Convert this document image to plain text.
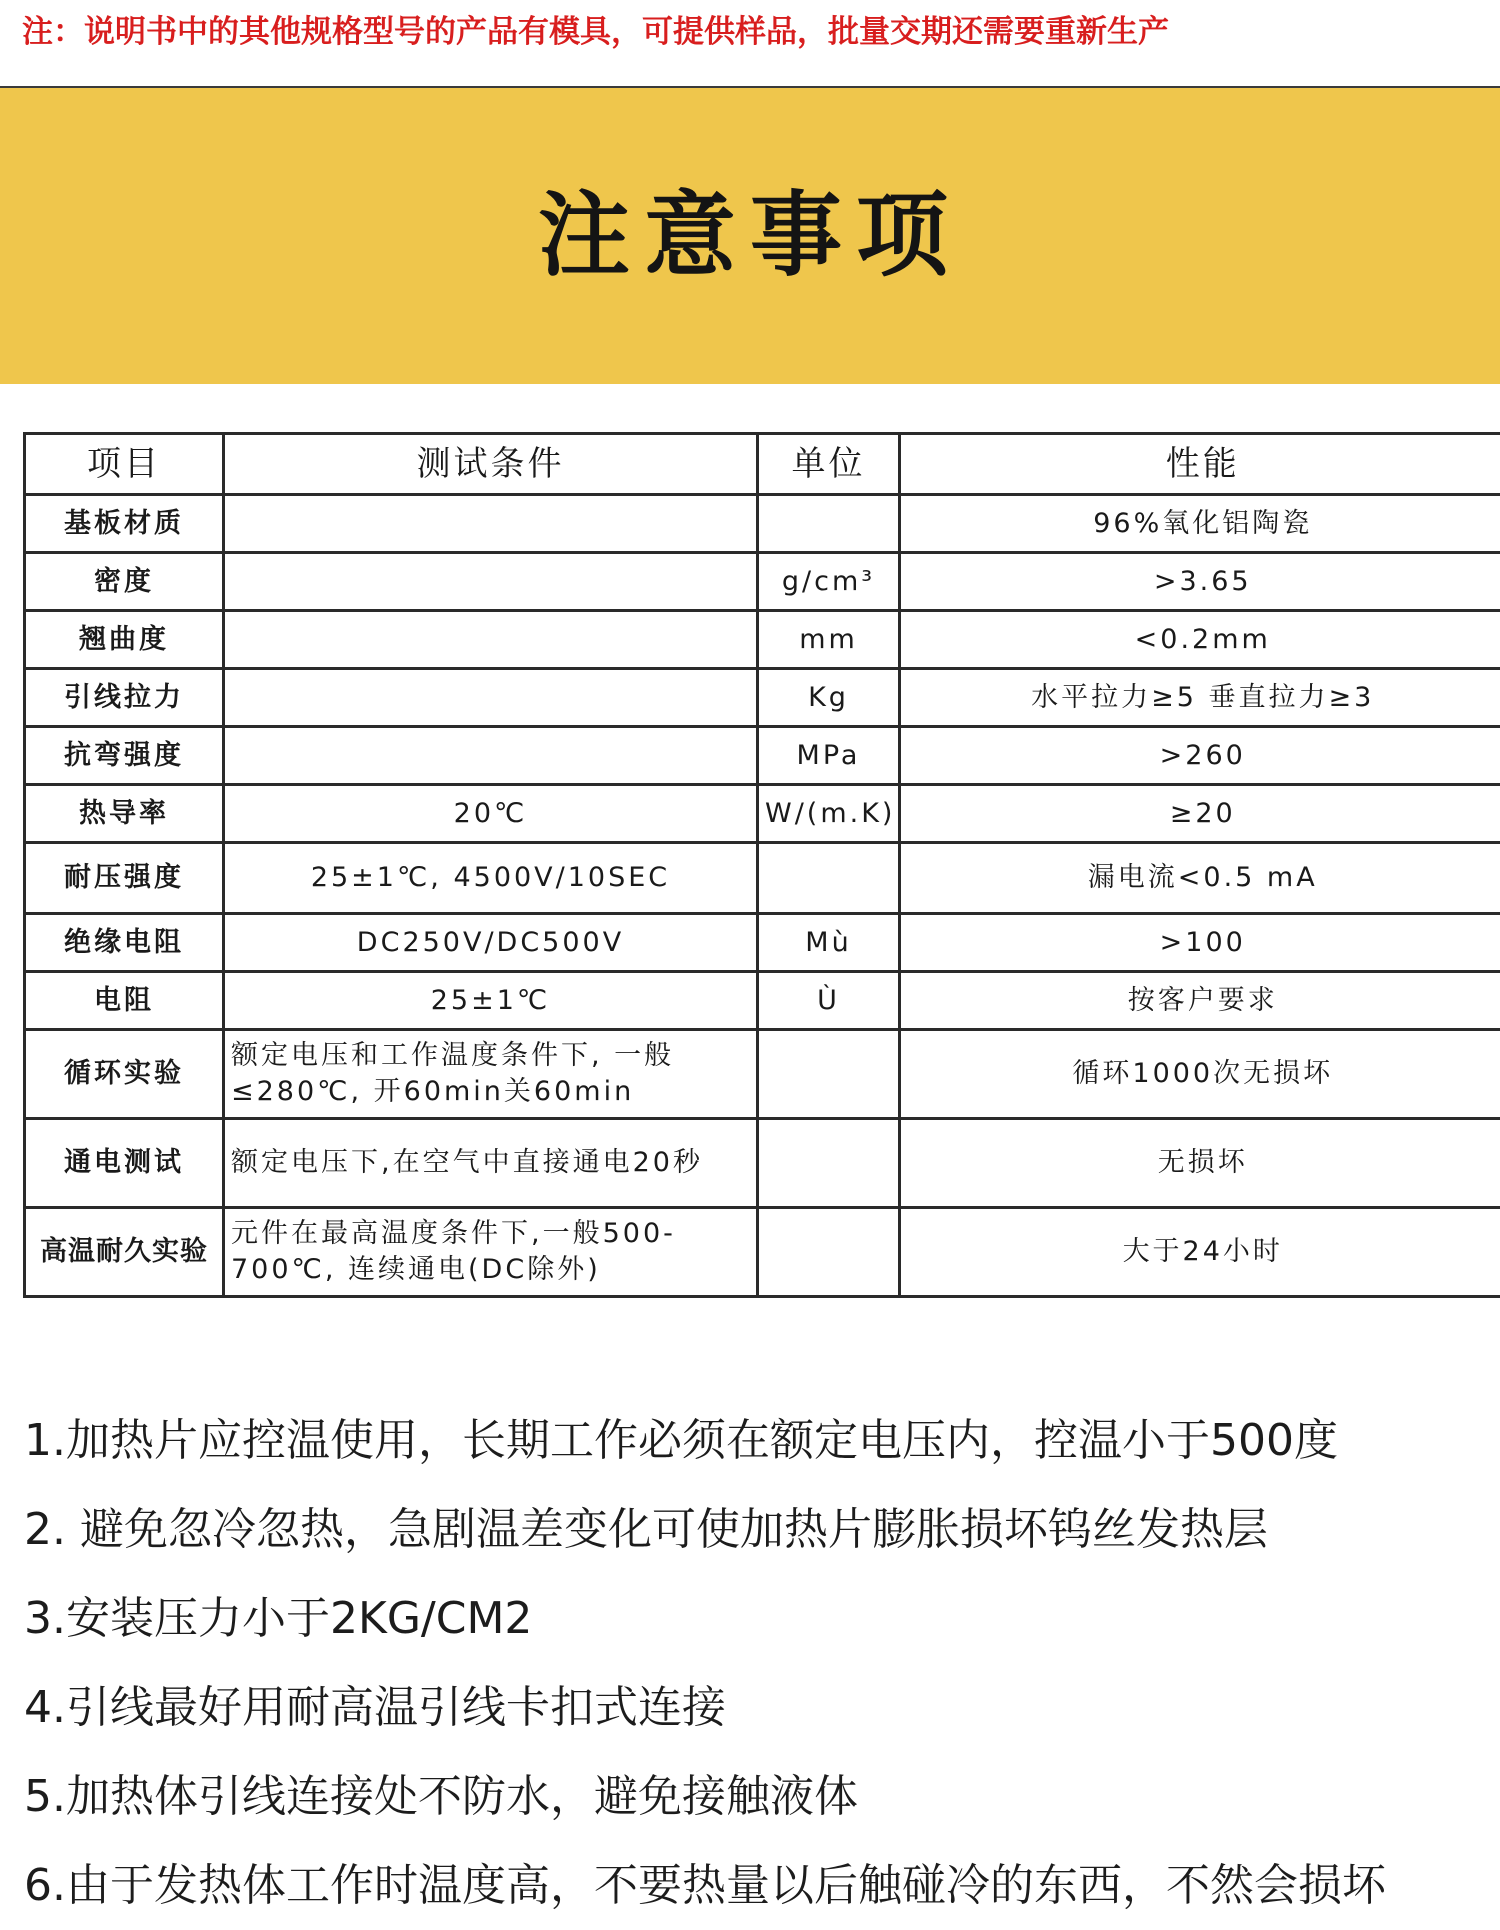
注：说明书中的其他规格型号的产品有模具，可提供样品，批量交期还需要重新生产
注意事项
项目	测试条件	单位	性能
基板材质			96%氧化铝陶瓷
密度		g/cm³	>3.65
翘曲度		mm	<0.2mm
引线拉力		Kg	水平拉力≥5 垂直拉力≥3
抗弯强度		MPa	>260
热导率	20℃	W/(m.K)	≥20
耐压强度	25±1℃, 4500V/10SEC		漏电流<0.5 mA
绝缘电阻	DC250V/DC500V	Mù	>100
电阻	25±1℃	Ù	按客户要求
循环实验	额定电压和工作温度条件下, 一般≤280℃, 开60min关60min		循环1000次无损坏
通电测试	额定电压下,在空气中直接通电20秒		无损坏
高温耐久实验	元件在最高温度条件下,一般500-700℃, 连续通电(DC除外)		大于24小时
1.加热片应控温使用，长期工作必须在额定电压内，控温小于500度
2. 避免忽冷忽热，急剧温差变化可使加热片膨胀损坏钨丝发热层
3.安装压力小于2KG/CM2
4.引线最好用耐高温引线卡扣式连接
5.加热体引线连接处不防水，避免接触液体
6.由于发热体工作时温度高，不要热量以后触碰冷的东西，不然会损坏
